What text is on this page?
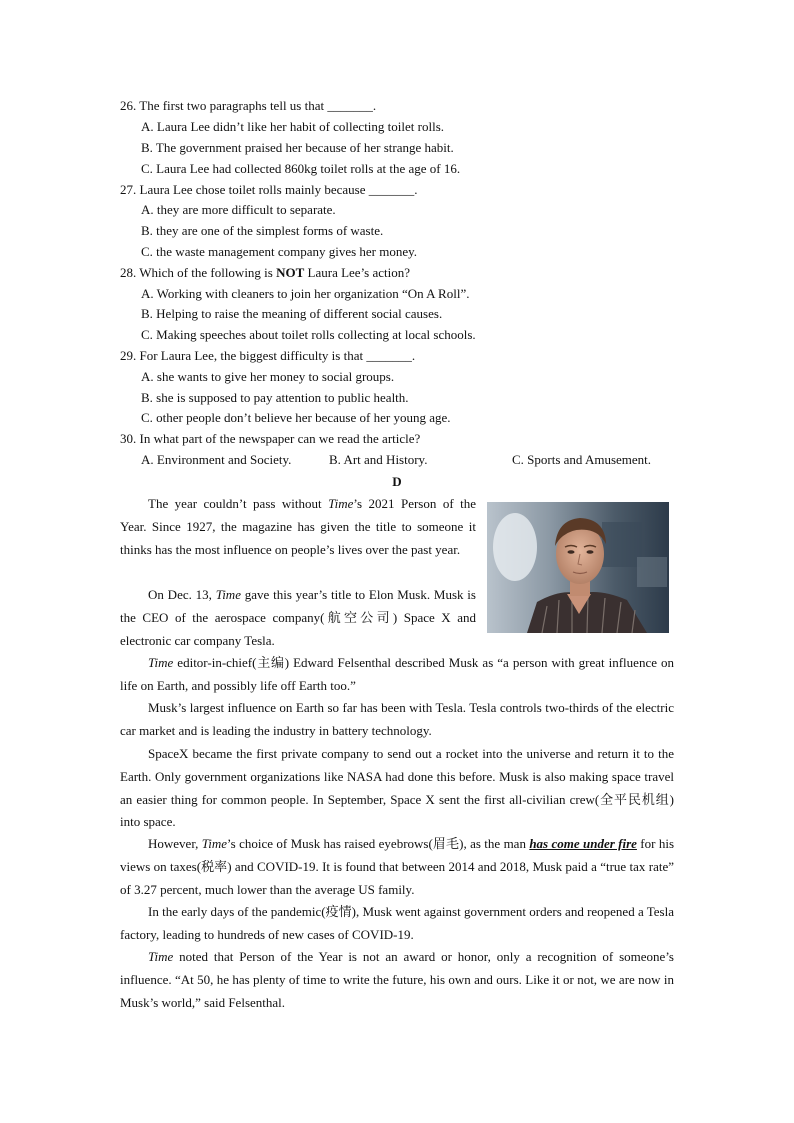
26. The first two paragraphs tell us that _______.
A. Laura Lee didn’t like her habit of collecting toilet rolls.
B. The government praised her because of her strange habit.
C. Laura Lee had collected 860kg toilet rolls at the age of 16.
27. Laura Lee chose toilet rolls mainly because _______.
A. they are more difficult to separate.
B. they are one of the simplest forms of waste.
C. the waste management company gives her money.
28. Which of the following is NOT Laura Lee’s action?
A. Working with cleaners to join her organization “On A Roll”.
B. Helping to raise the meaning of different social causes.
C. Making speeches about toilet rolls collecting at local schools.
29. For Laura Lee, the biggest difficulty is that _______.
A. she wants to give her money to social groups.
B. she is supposed to pay attention to public health.
C. other people don’t believe her because of her young age.
30. In what part of the newspaper can we read the article?
A. Environment and Society.	B. Art and History.	C. Sports and Amusement.
D
The year couldn’t pass without Time’s 2021 Person of the Year. Since 1927, the magazine has given the title to someone it thinks has the most influence on people’s lives over the past year.
On Dec. 13, Time gave this year’s title to Elon Musk. Musk is the CEO of the aerospace company(航空公司) Space X and electronic car company Tesla.
Time editor-in-chief(主编) Edward Felsenthal described Musk as “a person with great influence on life on Earth, and possibly life off Earth too.”
Musk’s largest influence on Earth so far has been with Tesla. Tesla controls two-thirds of the electric car market and is leading the industry in battery technology.
SpaceX became the first private company to send out a rocket into the universe and return it to the Earth. Only government organizations like NASA had done this before. Musk is also making space travel an easier thing for common people. In September, Space X sent the first all-civilian crew(全平民机组) into space.
However, Time’s choice of Musk has raised eyebrows(眉毛), as the man has come under fire for his views on taxes(税率) and COVID-19. It is found that between 2014 and 2018, Musk paid a “true tax rate” of 3.27 percent, much lower than the average US family.
In the early days of the pandemic(疫情), Musk went against government orders and reopened a Tesla factory, leading to hundreds of new cases of COVID-19.
Time noted that Person of the Year is not an award or honor, only a recognition of someone’s influence. “At 50, he has plenty of time to write the future, his own and ours. Like it or not, we are now in Musk’s world,” said Felsenthal.
